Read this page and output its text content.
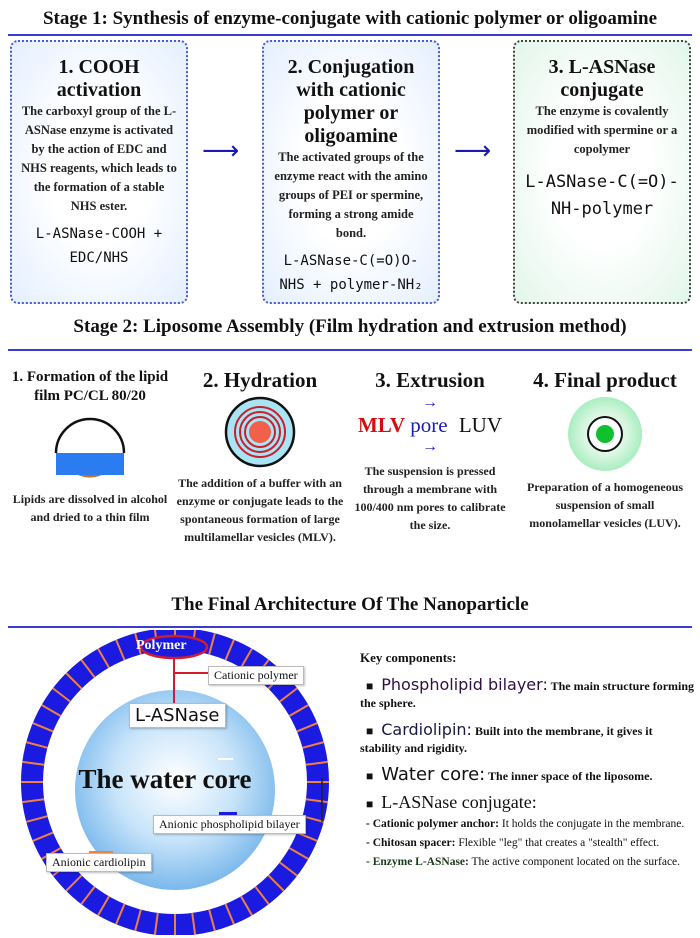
Stage 1: Synthesis of enzyme-conjugate with cationic polymer or oligoamine
1. COOH activation

The carboxyl group of the L-ASNase enzyme is activated by the action of EDC and NHS reagents, which leads to the formation of a stable NHS ester.

L-ASNase-COOH + EDC/NHS
⟶
2. Conjugation with cationic polymer or oligoamine

The activated groups of the enzyme react with the amino groups of PEI or spermine, forming a strong amide bond.

L-ASNase-C(=O)O-NHS + polymer-NH₂
⟶
3. L-ASNase conjugate

The enzyme is covalently modified with spermine or a copolymer

L-ASNase-C(=O)-NH-polymer
Stage 2: Liposome Assembly (Film hydration and extrusion method)
1. Formation of the lipid film PC/CL 80/20

Lipids are dissolved in alcohol and dried to a thin film

2. Hydration

The addition of a buffer with an enzyme or conjugate leads to the spontaneous formation of large multilamellar vesicles (MLV).

3. Extrusion
→
MLV pore LUV
→

The suspension is pressed through a membrane with 100/400 nm pores to calibrate the size.

4. Final product

Preparation of a homogeneous suspension of small monolamellar vesicles (LUV).

The Final Architecture Of The Nanoparticle
Polymer
Cationic polymer
L-ASNase
The water core
Anionic phospholipid bilayer
Anionic cardiolipin
Key components:
■ Phospholipid bilayer: The main structure forming the sphere.
■ Cardiolipin: Built into the membrane, it gives it stability and rigidity.
■ Water core: The inner space of the liposome.
■ L-ASNase conjugate:
- Cationic polymer anchor: It holds the conjugate in the membrane.
- Chitosan spacer: Flexible "leg" that creates a "stealth" effect.
- Enzyme L-ASNase: The active component located on the surface.
